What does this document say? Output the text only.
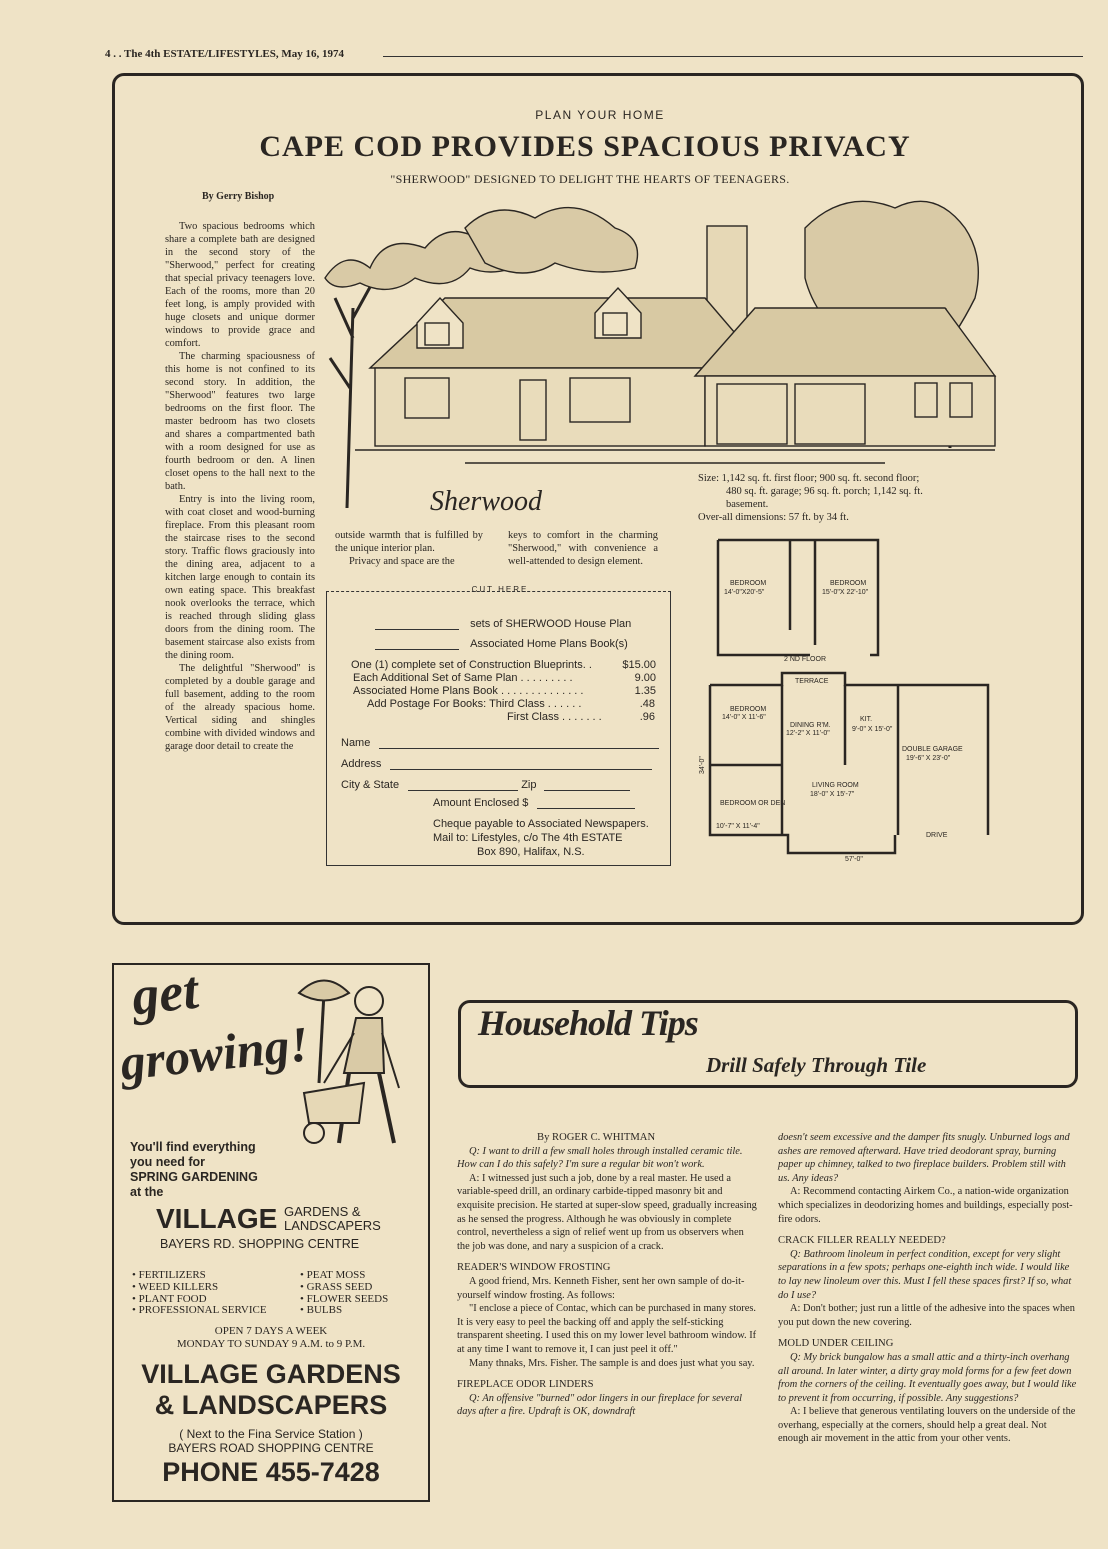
4 . . The 4th ESTATE/LIFESTYLES, May 16, 1974
PLAN YOUR HOME
CAPE COD PROVIDES SPACIOUS PRIVACY
"SHERWOOD" DESIGNED TO DELIGHT THE HEARTS OF TEENAGERS.
By Gerry Bishop

Two spacious bedrooms which share a complete bath are designed in the second story of the "Sherwood," perfect for creating that special privacy teenagers love. Each of the rooms, more than 20 feet long, is amply provided with huge closets and unique dormer windows to provide grace and comfort.

The charming spaciousness of this home is not confined to its second story. In addition, the "Sherwood" features two large bedrooms on the first floor. The master bedroom has two closets and shares a compartmented bath with a room designed for use as fourth bedroom or den. A linen closet opens to the hall next to the bath.

Entry is into the living room, with coat closet and wood-burning fireplace. From this pleasant room the staircase rises to the second story. Traffic flows graciously into the dining area, adjacent to a kitchen large enough to contain its own eating space. This breakfast nook overlooks the terrace, which is reached through sliding glass doors from the dining room. The basement staircase also exists from the dining room.

The delightful "Sherwood" is completed by a double garage and full basement, adding to the room of the already spacious home. Vertical siding and shingles combine with divided windows and garage door detail to create the

outside warmth that is fulfilled by the unique interior plan.

Privacy and space are the

keys to comfort in the charming "Sherwood," with convenience a well-attended to design element.

Sherwood
Size: 1,142 sq. ft. first floor; 900 sq. ft. second floor;
480 sq. ft. garage; 96 sq. ft. porch; 1,142 sq. ft.
basement.
Over-all dimensions: 57 ft. by 34 ft.
CUT HERE
sets of SHERWOOD House Plan
Associated Home Plans Book(s)
One (1) complete set of Construction Blueprints. .	$15.00
Each Additional Set of Same Plan . . . . . . . . .	9.00
Associated Home Plans Book . . . . . . . . . . . . . .	1.35
Add Postage For Books: Third Class . . . . . .	.48
First Class . . . . . . .	.96
Name
Address
City & State	Zip
Amount Enclosed $
Cheque payable to Associated Newspapers.
Mail to: Lifestyles, c/o The 4th ESTATE
Box 890, Halifax, N.S.
BEDROOM
14'-0"X20'-5"
BEDROOM
15'-0"X 22'-10"
2 ND FLOOR
TERRACE
BEDROOM
14'-0" X 11'-6"
DINING R'M.
12'-2" X 11'-0"
KIT.
9'-0" X 15'-0"
DOUBLE GARAGE
19'-6" X 23'-0"
LIVING ROOM
18'-0" X 15'-7"
BEDROOM OR DEN
10'-7" X 11'-4"
DRIVE
57'-0"
34'-0"
get
growing!
You'll find everything
you need for
SPRING GARDENING
at the
VILLAGE GARDENS &
LANDSCAPERS
BAYERS RD. SHOPPING CENTRE
• FERTILIZERS
• WEED KILLERS
• PLANT FOOD
• PROFESSIONAL SERVICE
• PEAT MOSS
• GRASS SEED
• FLOWER SEEDS
• BULBS
OPEN 7 DAYS A WEEK
MONDAY TO SUNDAY 9 A.M. to 9 P.M.
VILLAGE GARDENS
& LANDSCAPERS
( Next to the Fina Service Station )
BAYERS ROAD SHOPPING CENTRE
PHONE 455-7428
Household Tips
Drill Safely Through Tile
By ROGER C. WHITMAN

Q: I want to drill a few small holes through installed ceramic tile. How can I do this safely? I'm sure a regular bit won't work.

A: I witnessed just such a job, done by a real master. He used a variable-speed drill, an ordinary carbide-tipped masonry bit and exquisite precision. He started at super-slow speed, gradually increasing as he sensed the progress. Although he was obviously in complete control, nevertheless a sign of relief went up from us observers when the job was done, and nary a suspicion of a crack.

READER'S WINDOW FROSTING

A good friend, Mrs. Kenneth Fisher, sent her own sample of do-it-yourself window frosting. As follows:

"I enclose a piece of Contac, which can be purchased in many stores. It is very easy to peel the backing off and apply the self-sticking transparent sheeting. I used this on my lower level bathroom window. If at any time I want to remove it, I can just peel it off."

Many thnaks, Mrs. Fisher. The sample is and does just what you say.

FIREPLACE ODOR LINDERS

Q: An offensive "burned" odor lingers in our fireplace for several days after a fire. Updraft is OK, downdraft

doesn't seem excessive and the damper fits snugly. Unburned logs and ashes are removed afterward. Have tried deodorant spray, burning paper up chimney, talked to two fireplace builders. Problem still with us. Any ideas?

A: Recommend contacting Airkem Co., a nation-wide organization which specializes in deodorizing homes and buildings, especially post-fire odors.

CRACK FILLER REALLY NEEDED?

Q: Bathroom linoleum in perfect condition, except for very slight separations in a few spots; perhaps one-eighth inch wide. I would like to lay new linoleum over this. Must I fell these spaces first? If so, what do I use?

A: Don't bother; just run a little of the adhesive into the spaces when you put down the new covering.

MOLD UNDER CEILING

Q: My brick bungalow has a small attic and a thirty-inch overhang all around. In later winter, a dirty gray mold forms for a few feet down from the corners of the ceiling. It eventually goes away, but I would like to prevent it from occurring, if possible. Any suggestions?

A: I believe that generous ventilating louvers on the underside of the overhang, especially at the corners, should help a great deal. Not enough air movement in the attic from your other vents.
